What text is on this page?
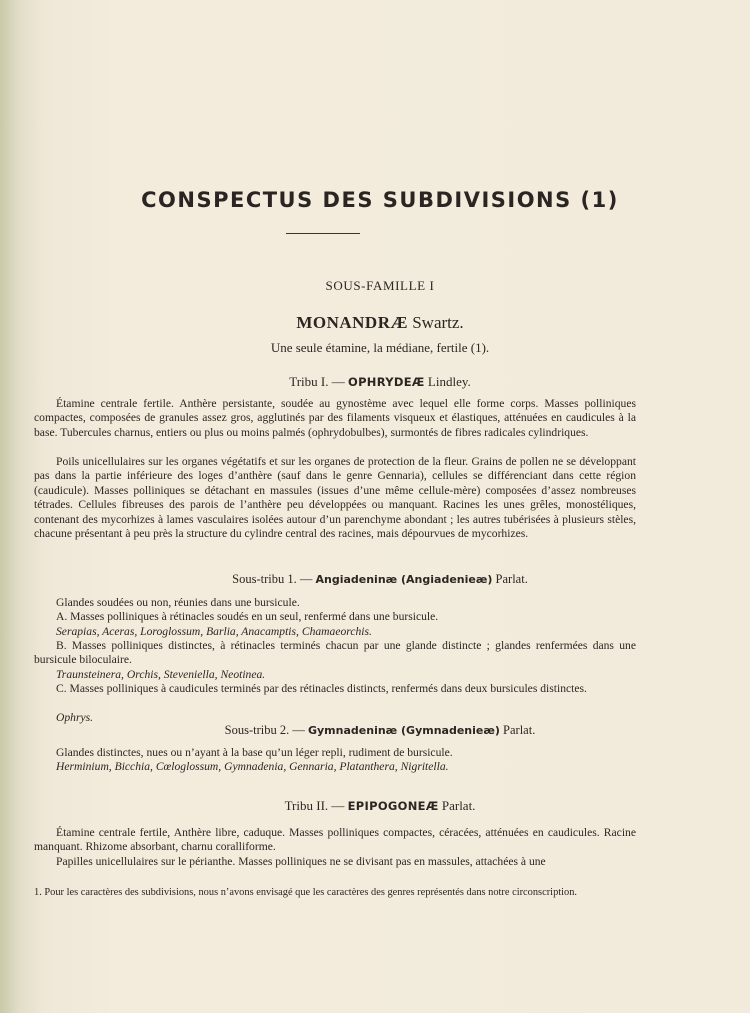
CONSPECTUS DES SUBDIVISIONS (1)
SOUS-FAMILLE I
MONANDRÆ Swartz.
Une seule étamine, la médiane, fertile (1).
Tribu I. — OPHRYDEÆ Lindley.

Étamine centrale fertile. Anthère persistante, soudée au gynostème avec lequel elle forme corps. Masses polliniques compactes, composées de granules assez gros, agglutinés par des filaments visqueux et élastiques, atténuées en caudicules à la base. Tubercules charnus, entiers ou plus ou moins palmés (ophrydobulbes), surmontés de fibres radicales cylindriques.

Poils unicellulaires sur les organes végétatifs et sur les organes de protection de la fleur. Grains de pollen ne se développant pas dans la partie inférieure des loges d’anthère (sauf dans le genre Gennaria), cellules se différenciant dans cette région (caudicule). Masses polliniques se détachant en massules (issues d’une même cellule-mère) composées d’assez nombreuses tétrades. Cellules fibreuses des parois de l’anthère peu développées ou manquant. Racines les unes grêles, monostéliques, contenant des mycorhizes à lames vasculaires isolées autour d’un parenchyme abondant ; les autres tubérisées à plusieurs stèles, chacune présentant à peu près la structure du cylindre central des racines, mais dépourvues de mycorhizes.

Sous-tribu 1. — Angiadeninæ (Angiadenieæ) Parlat.
Glandes soudées ou non, réunies dans une bursicule.
A. Masses polliniques à rétinacles soudés en un seul, renfermé dans une bursicule.
Serapias, Aceras, Loroglossum, Barlia, Anacamptis, Chamaeorchis.

B. Masses polliniques distinctes, à rétinacles terminés chacun par une glande distincte ; glandes renfermées dans une bursicule biloculaire.

Traunsteinera, Orchis, Steveniella, Neotinea.

C. Masses polliniques à caudicules terminés par des rétinacles distincts, renfermés dans deux bursicules distinctes.

Ophrys.
Sous-tribu 2. — Gymnadeninæ (Gymnadenieæ) Parlat.
Glandes distinctes, nues ou n’ayant à la base qu’un léger repli, rudiment de bursicule.
Herminium, Bicchia, Cœloglossum, Gymnadenia, Gennaria, Platanthera, Nigritella.
Tribu II. — EPIPOGONEÆ Parlat.

Étamine centrale fertile, Anthère libre, caduque. Masses polliniques compactes, céracées, atténuées en caudicules. Racine manquant. Rhizome absorbant, charnu coralliforme.

Papilles unicellulaires sur le périanthe. Masses polliniques ne se divisant pas en massules, attachées à une

1. Pour les caractères des subdivisions, nous n’avons envisagé que les caractères des genres représentés dans notre circonscription.
